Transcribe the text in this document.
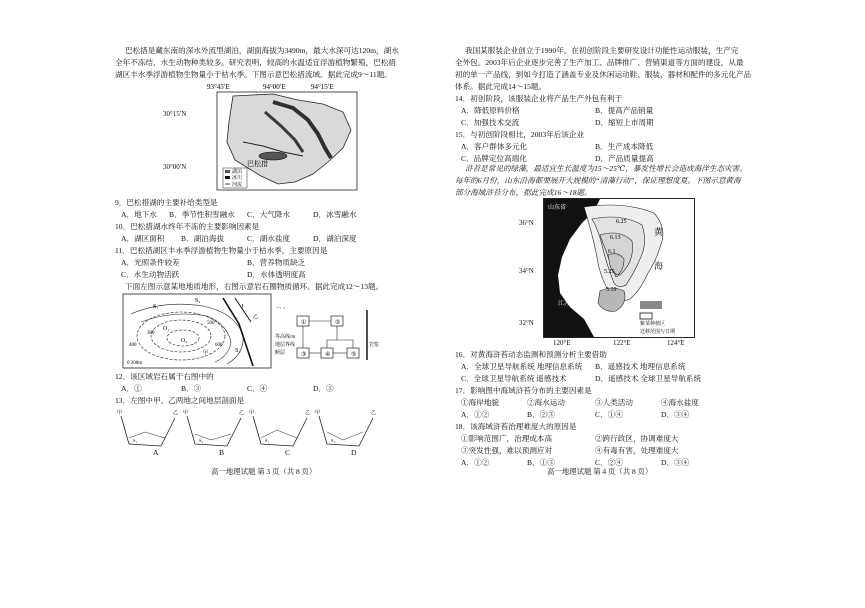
巴松措是藏东南的深水外流型湖泊，湖面海拔为3490m，最大水深可达120m，湖水
全年不冻结，水生动物种类较多。研究表明，较高的水温适宜浮游植物繁殖，巴松措
湖区丰水季浮游植物生物量小于枯水季。下图示意巴松措流域。据此完成9～11题。
93°45′E	94°00′E	94°15′E
巴松措
湖泊
冰川
河流
30°15′N
30°00′N
9．巴松措湖的主要补给类型是
A．地下水 B．季节性积雪融水 C．大气降水	D．冰雪融水
10．巴松措湖水终年不冻的主要影响因素是
A．湖区面积 B．湖泊海拔	C．湖水盐度	D．湖泊深度
11．巴松措湖区丰水季浮游植物生物量小于枯水季，主要原因是
A．光照条件较差	B．营养物质缺乏
C．水生动物活跃	D．水体透明度高
下面左图示意某地地质地形，右图示意岩石圈物质循环。据此完成12～13题。
S₁
S₂
S₃
O₁
O₂
J
300
400
500
600
甲
乙
0 200m
→₁ ₂
等高线/m
地层界线
断层
①	②
③	④	⑤
岩浆
12．该区域岩石属于右图中的
A．①	B．③	C．④	D．⑤
13．左图中甲、乙两地之间地层剖面是
甲	乙
S₁
甲	乙
S₁
甲	乙
S₁
甲	乙
S₁
A	B	C	D
高一地理试题 第 3 页（共 8 页）
我国某服装企业创立于1990年，在初创阶段主要研发设计功能性运动服装，生产完
全外包。2003年后企业逐步完善了生产加工、品牌推广、营销渠道等方面的建设，从最
初的单一产品线，到如今打造了涵盖专业及休闲运动鞋、服装、器材和配件的多元化产品
体系。据此完成14～15题。
14．初创阶段，该服装企业将产品生产外包有利于
A．降低原料价格	B．提高产品销量
C．加强技术交流	D．缩短上市周期
15．与初创阶段相比，2003年后该企业
A．客户群体多元化	B．生产成本降低
C．品牌定位高端化	D．产品质量提高
浒苔是常见的绿藻，最适宜生长温度为15～25℃，暴发性增长会造成海洋生态灾害。
每年的6月份，山东沿海都要展开大规模的“清藻行动”，保证理想度夏。下图示意黄海
部分海域浒苔分布，据此完成16～18题。
36°N
34°N
32°N
山东省
江苏省
黄
海
6.25
6.13
6.1
5.25
5.19
紫菜种植区
迁移范围与日期
120°E	122°E	124°E
16．对黄海浒苔动态监测和预测分析主要借助
A．全球卫星导航系统 地理信息系统 B．遥感技术 地理信息系统
C．全球卫星导航系统 遥感技术	D．遥感技术 全球卫星导航系统
17．影响图中海域浒苔分布的主要因素是
①海岸地貌	②海水运动	③人类活动	④海水盐度
A．①②	B．②③	C．①④	D．③④
18．该海域浒苔治理难度大的原因是
①影响范围广，治理成本高	②跨行政区，协调难度大
③突发性强，难以预测应对	④有毒有害，处理难度大
A．①②	B．①③	C．②④	D．③④
高一地理试题 第 4 页（共 8 页）
